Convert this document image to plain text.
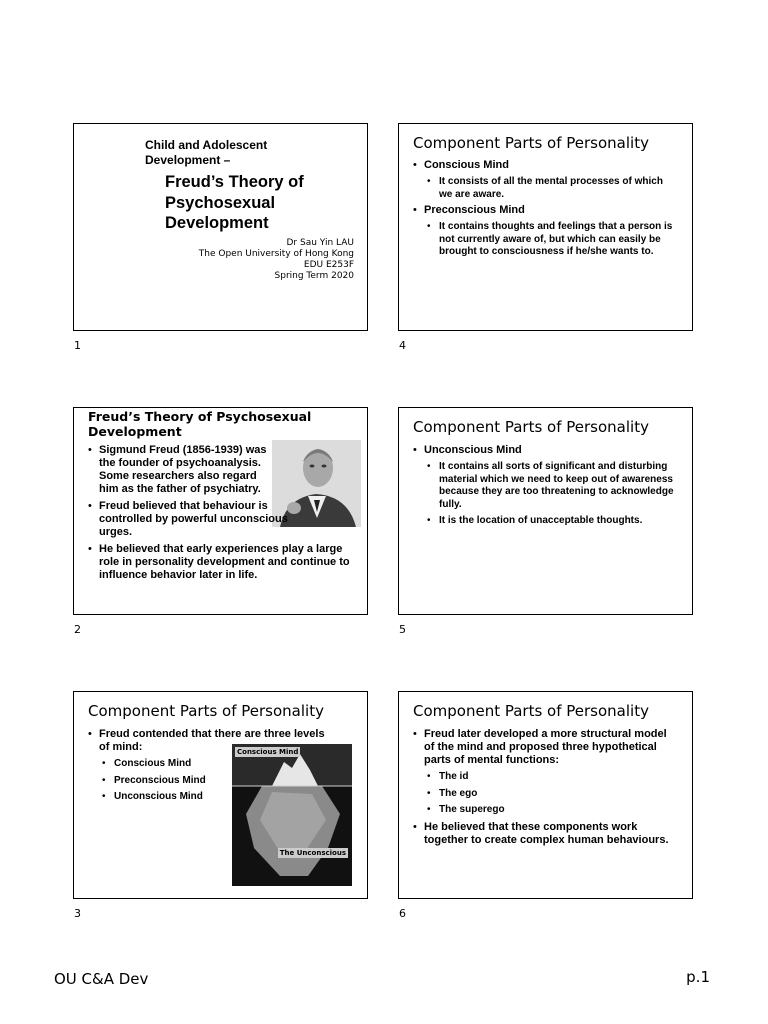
Child and Adolescent Development –
Freud’s Theory of Psychosexual Development
Dr Sau Yin LAU
The Open University of Hong Kong
EDU E253F
Spring Term 2020
1
Component Parts of Personality
• Conscious Mind
• It consists of all the mental processes of which we are aware.
• Preconscious Mind
• It contains thoughts and feelings that a person is not currently aware of, but which can easily be brought to consciousness if he/she wants to.
4
Freud’s Theory of Psychosexual Development
• Sigmund Freud (1856-1939) was the founder of psychoanalysis. Some researchers also regard him as the father of psychiatry.
• Freud believed that behaviour is controlled by powerful unconscious urges.
• He believed that early experiences play a large role in personality development and continue to influence behavior later in life.
2
Component Parts of Personality
• Unconscious Mind
• It contains all sorts of significant and disturbing material which we need to keep out of awareness because they are too threatening to acknowledge fully.
• It is the location of unacceptable thoughts.
5
Component Parts of Personality
• Freud contended that there are three levels of mind:
• Conscious Mind
• Preconscious Mind
• Unconscious Mind
Conscious Mind
The Unconscious
3
Component Parts of Personality
• Freud later developed a more structural model of the mind and proposed three hypothetical parts of mental functions:
• The id
• The ego
• The superego
• He believed that these components work together to create complex human behaviours.
6
OU C&A Dev	p.1
